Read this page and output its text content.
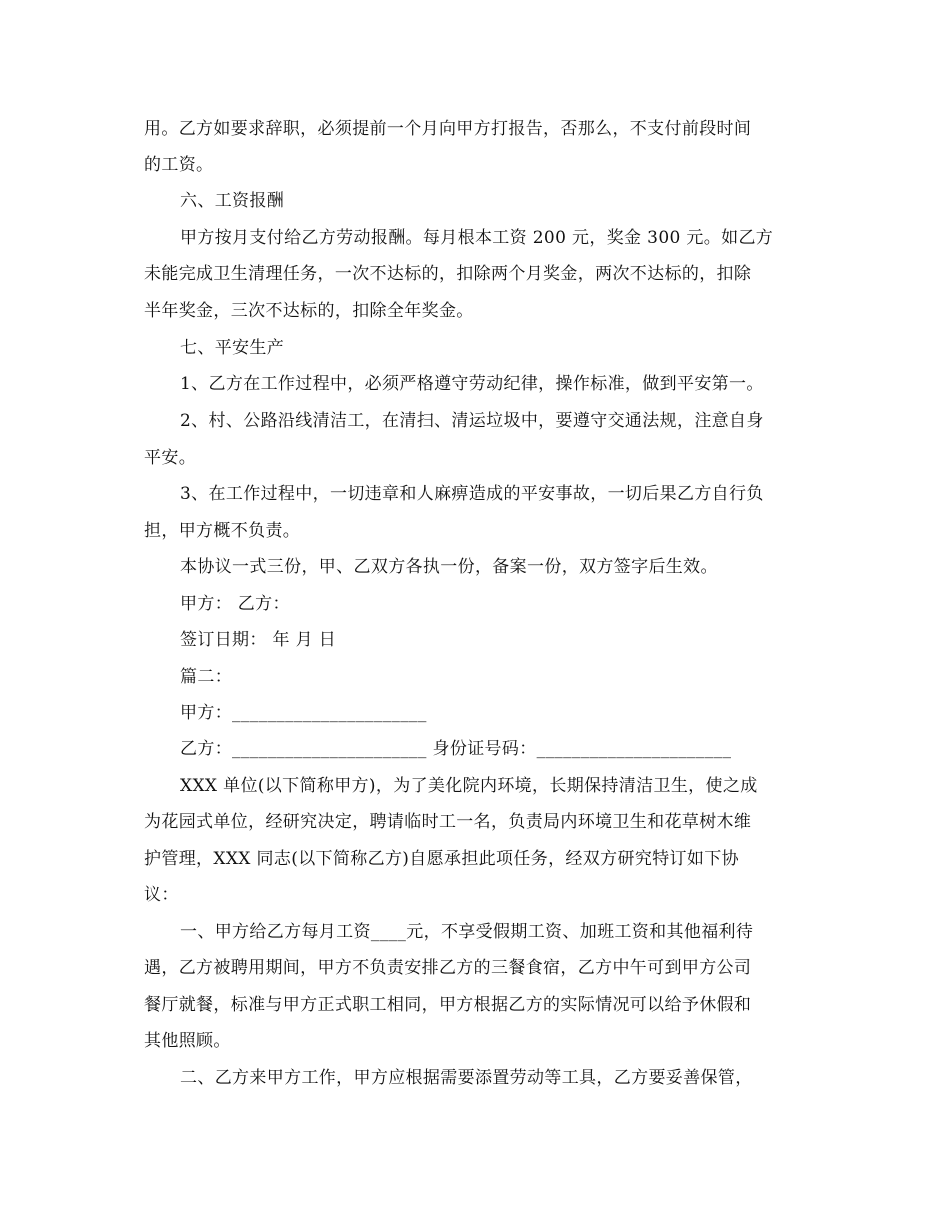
用。乙方如要求辞职，必须提前一个月向甲方打报告，否那么，不支付前段时间
的工资。
六、工资报酬
甲方按月支付给乙方劳动报酬。每月根本工资 200 元，奖金 300 元。如乙方
未能完成卫生清理任务，一次不达标的，扣除两个月奖金，两次不达标的，扣除
半年奖金，三次不达标的，扣除全年奖金。
七、平安生产
1、乙方在工作过程中，必须严格遵守劳动纪律，操作标准，做到平安第一。
2、村、公路沿线清洁工，在清扫、清运垃圾中，要遵守交通法规，注意自身
平安。
3、在工作过程中，一切违章和人麻痹造成的平安事故，一切后果乙方自行负
担，甲方概不负责。
本协议一式三份，甲、乙双方各执一份，备案一份，双方签字后生效。
甲方： 乙方：
签订日期： 年 月 日
篇二：
甲方：______________________
乙方：______________________ 身份证号码：______________________
XXX 单位(以下简称甲方)，为了美化院内环境，长期保持清洁卫生，使之成
为花园式单位，经研究决定，聘请临时工一名，负责局内环境卫生和花草树木维
护管理，XXX 同志(以下简称乙方)自愿承担此项任务，经双方研究特订如下协
议：
一、甲方给乙方每月工资____元，不享受假期工资、加班工资和其他福利待
遇，乙方被聘用期间，甲方不负责安排乙方的三餐食宿，乙方中午可到甲方公司
餐厅就餐，标准与甲方正式职工相同，甲方根据乙方的实际情况可以给予休假和
其他照顾。
二、乙方来甲方工作，甲方应根据需要添置劳动等工具，乙方要妥善保管，
